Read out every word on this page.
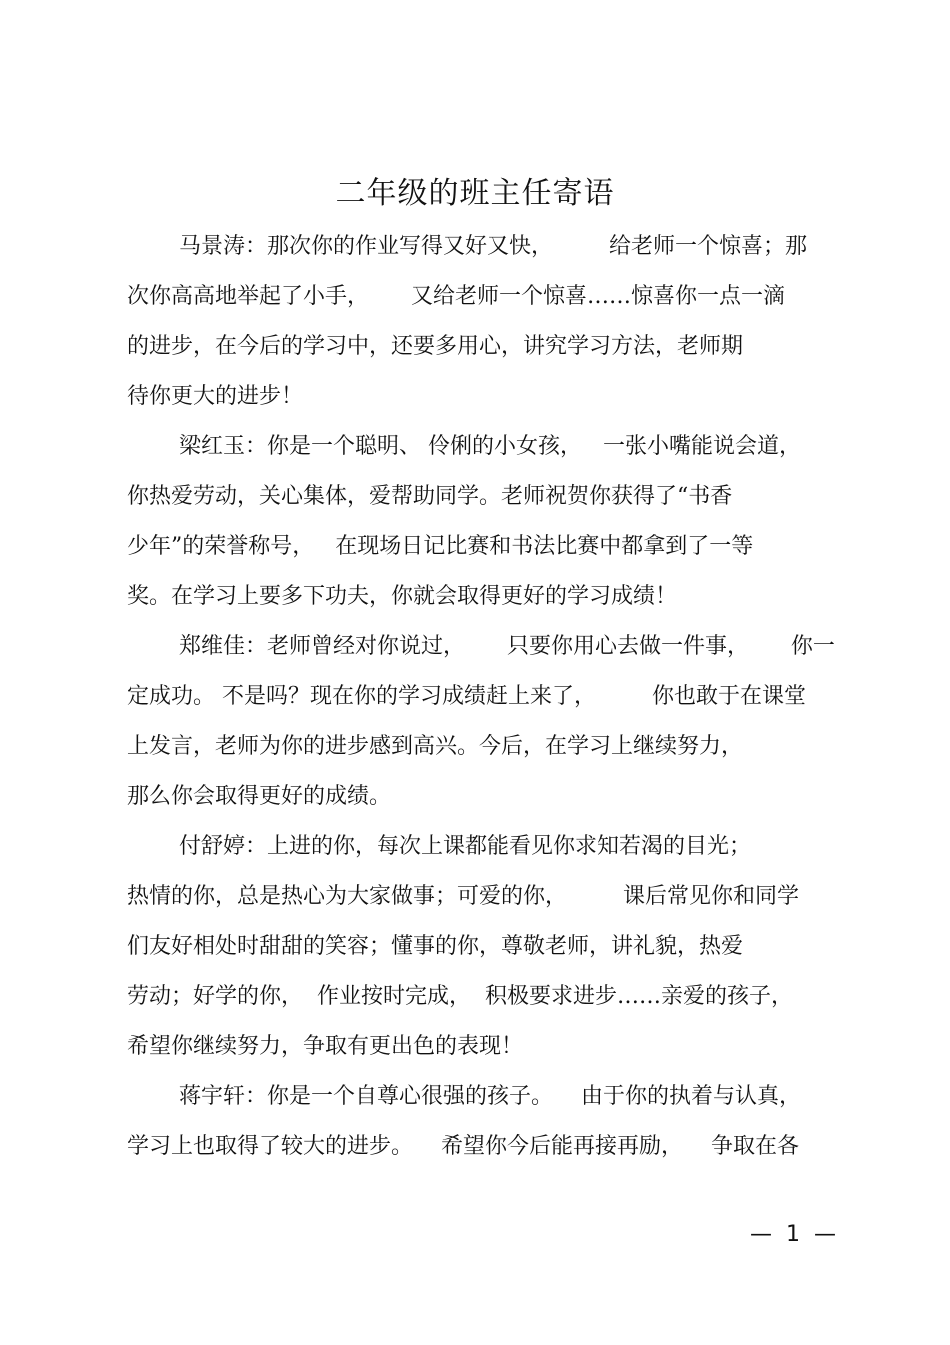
二年级的班主任寄语
马景涛：那次你的作业写得又好又快，        给老师一个惊喜；那
次你高高地举起了小手，      又给老师一个惊喜……惊喜你一点一滴
的进步，在今后的学习中，还要多用心，讲究学习方法，老师期
待你更大的进步！
梁红玉：你是一个聪明、 伶俐的小女孩，   一张小嘴能说会道，
你热爱劳动，关心集体，爱帮助同学。老师祝贺你获得了“书香
少年”的荣誉称号，   在现场日记比赛和书法比赛中都拿到了一等
奖。在学习上要多下功夫，你就会取得更好的学习成绩！
郑维佳：老师曾经对你说过，      只要你用心去做一件事，      你一
定成功。 不是吗？现在你的学习成绩赶上来了，        你也敢于在课堂
上发言，老师为你的进步感到高兴。今后，在学习上继续努力，
那么你会取得更好的成绩。
付舒婷：上进的你，每次上课都能看见你求知若渴的目光；
热情的你，总是热心为大家做事；可爱的你，        课后常见你和同学
们友好相处时甜甜的笑容；懂事的你，尊敬老师，讲礼貌，热爱
劳动；好学的你，  作业按时完成，  积极要求进步……亲爱的孩子，
希望你继续努力，争取有更出色的表现！
蒋宇轩：你是一个自尊心很强的孩子。    由于你的执着与认真，
学习上也取得了较大的进步。    希望你今后能再接再励，    争取在各
—  1  —
